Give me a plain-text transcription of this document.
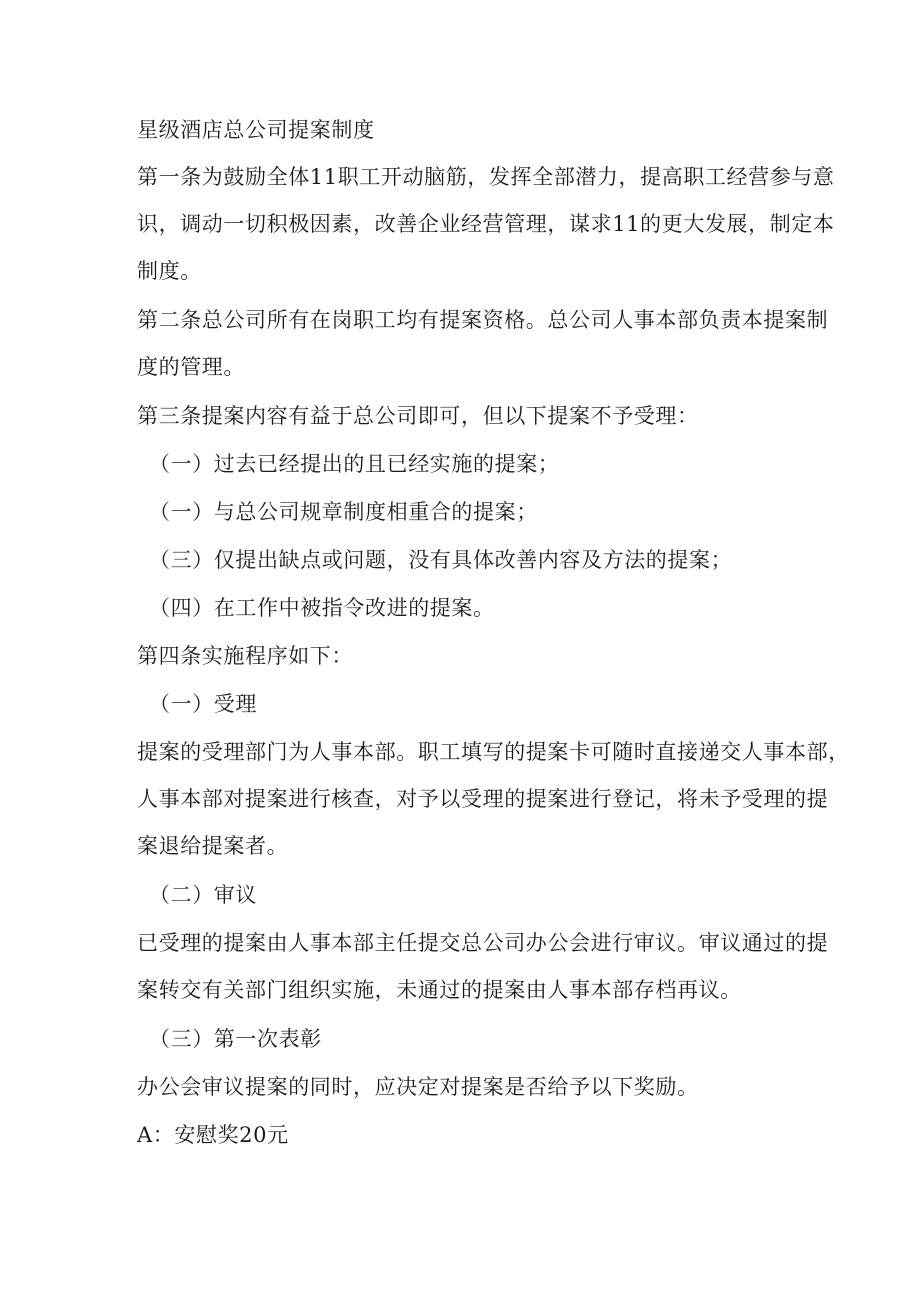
星级酒店总公司提案制度

第一条为鼓励全体11职工开动脑筋，发挥全部潜力，提高职工经营参与意

识，调动一切积极因素，改善企业经营管理，谋求11的更大发展，制定本

制度。

第二条总公司所有在岗职工均有提案资格。总公司人事本部负责本提案制

度的管理。

第三条提案内容有益于总公司即可，但以下提案不予受理：

（一）过去已经提出的且已经实施的提案；

（一）与总公司规章制度相重合的提案；

（三）仅提出缺点或问题，没有具体改善内容及方法的提案；

（四）在工作中被指令改进的提案。

第四条实施程序如下：

（一）受理

提案的受理部门为人事本部。职工填写的提案卡可随时直接递交人事本部，

人事本部对提案进行核查，对予以受理的提案进行登记，将未予受理的提

案退给提案者。

（二）审议

已受理的提案由人事本部主任提交总公司办公会进行审议。审议通过的提

案转交有关部门组织实施，未通过的提案由人事本部存档再议。

（三）第一次表彰

办公会审议提案的同时，应决定对提案是否给予以下奖励。

A：安慰奖20元
